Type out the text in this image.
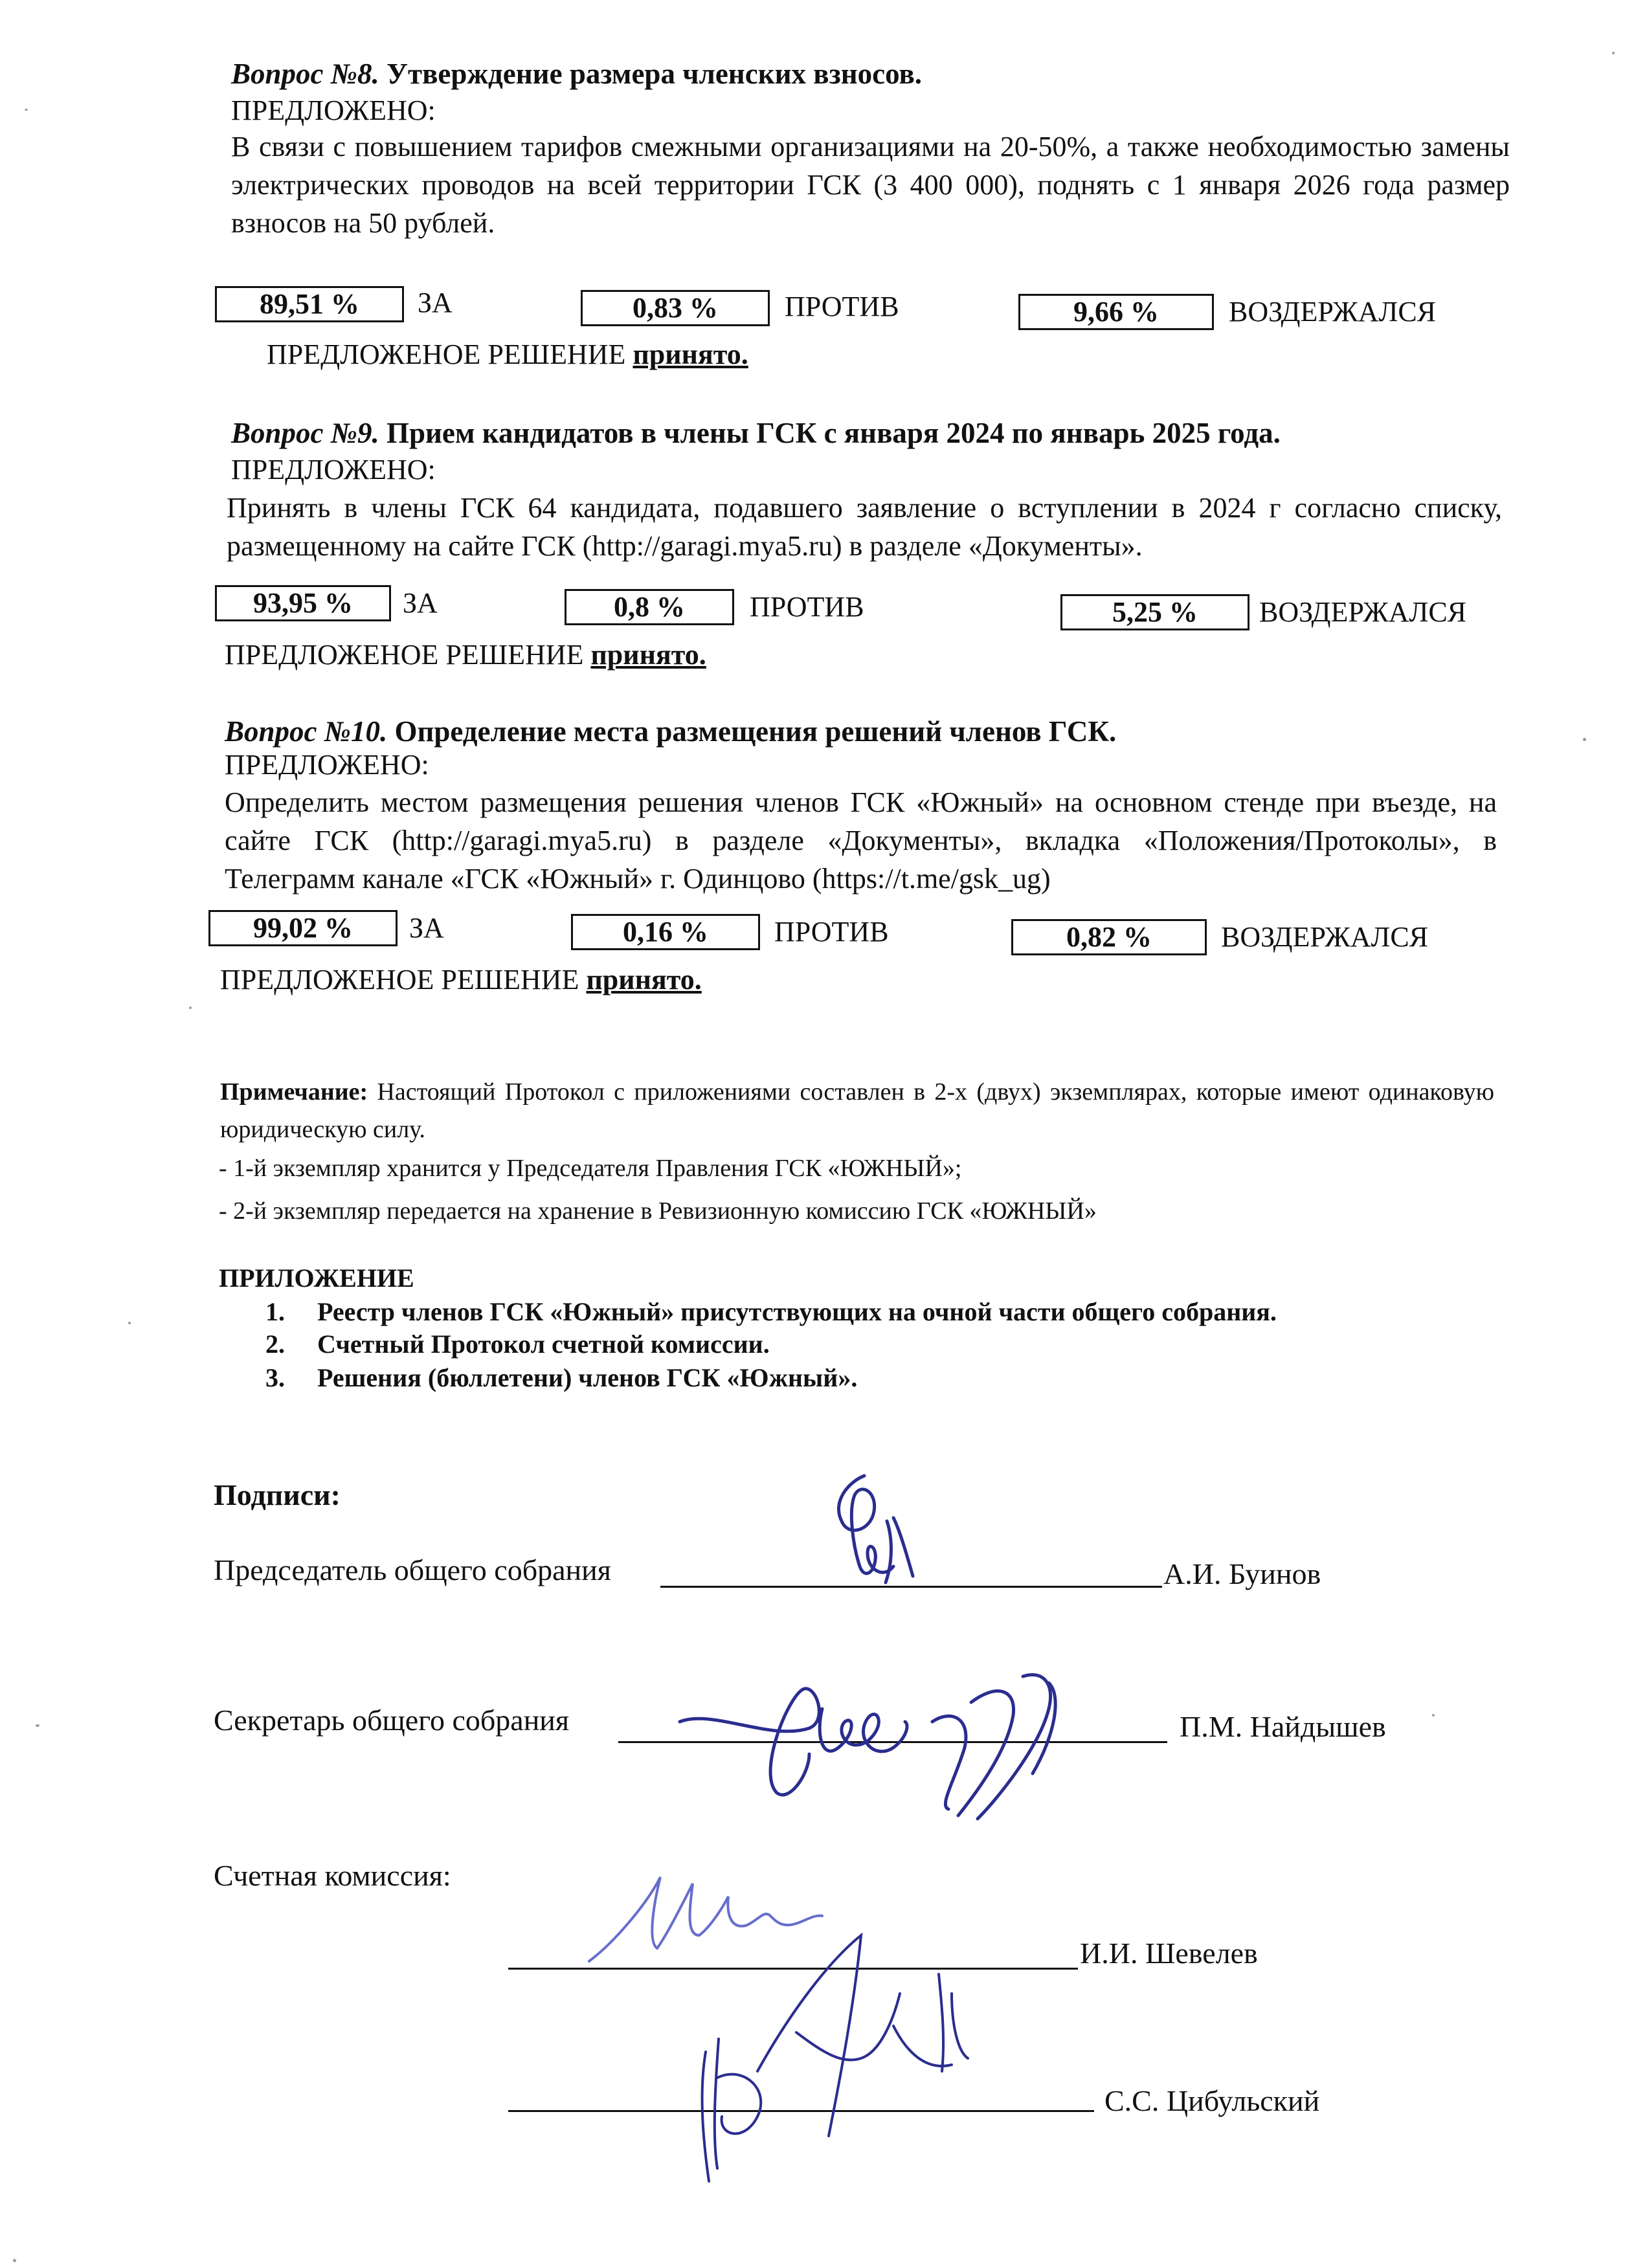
Вопрос №8. Утверждение размера членских взносов.
ПРЕДЛОЖЕНО:
В связи с повышением тарифов смежными организациями на 20-50%, а также необходимостью замены электрических проводов на всей территории ГСК (3 400 000), поднять с 1 января 2026 года размер взносов на 50 рублей.
89,51 %	ЗА	0,83 %	ПРОТИВ	9,66 %	ВОЗДЕРЖАЛСЯ
ПРЕДЛОЖЕНОЕ РЕШЕНИЕ принято.
Вопрос №9. Прием кандидатов в члены ГСК с января 2024 по январь 2025 года.
ПРЕДЛОЖЕНО:
Принять в члены ГСК 64 кандидата, подавшего заявление о вступлении в 2024 г согласно списку, размещенному на сайте ГСК (http://garagi.mya5.ru) в разделе «Документы».
93,95 %	ЗА	0,8 %	ПРОТИВ	5,25 %	ВОЗДЕРЖАЛСЯ
ПРЕДЛОЖЕНОЕ РЕШЕНИЕ принято.
Вопрос №10. Определение места размещения решений членов ГСК.
ПРЕДЛОЖЕНО:
Определить местом размещения решения членов ГСК «Южный» на основном стенде при въезде, на сайте ГСК (http://garagi.mya5.ru) в разделе «Документы», вкладка «Положения/Протоколы», в Телеграмм канале «ГСК «Южный» г. Одинцово (https://t.me/gsk_ug)
99,02 %	ЗА	0,16 %	ПРОТИВ	0,82 %	ВОЗДЕРЖАЛСЯ
ПРЕДЛОЖЕНОЕ РЕШЕНИЕ принято.
Примечание: Настоящий Протокол с приложениями составлен в 2-х (двух) экземплярах, которые имеют одинаковую юридическую силу.
- 1-й экземпляр хранится у Председателя Правления ГСК «ЮЖНЫЙ»;
- 2-й экземпляр передается на хранение в Ревизионную комиссию ГСК «ЮЖНЫЙ»
ПРИЛОЖЕНИЕ
1. Реестр членов ГСК «Южный» присутствующих на очной части общего собрания.
2. Счетный Протокол счетной комиссии.
3. Решения (бюллетени) членов ГСК «Южный».
Подписи:
Председатель общего собрания	А.И. Буинов
Секретарь общего собрания	П.М. Найдышев
Счетная комиссия:
И.И. Шевелев
С.С. Цибульский
